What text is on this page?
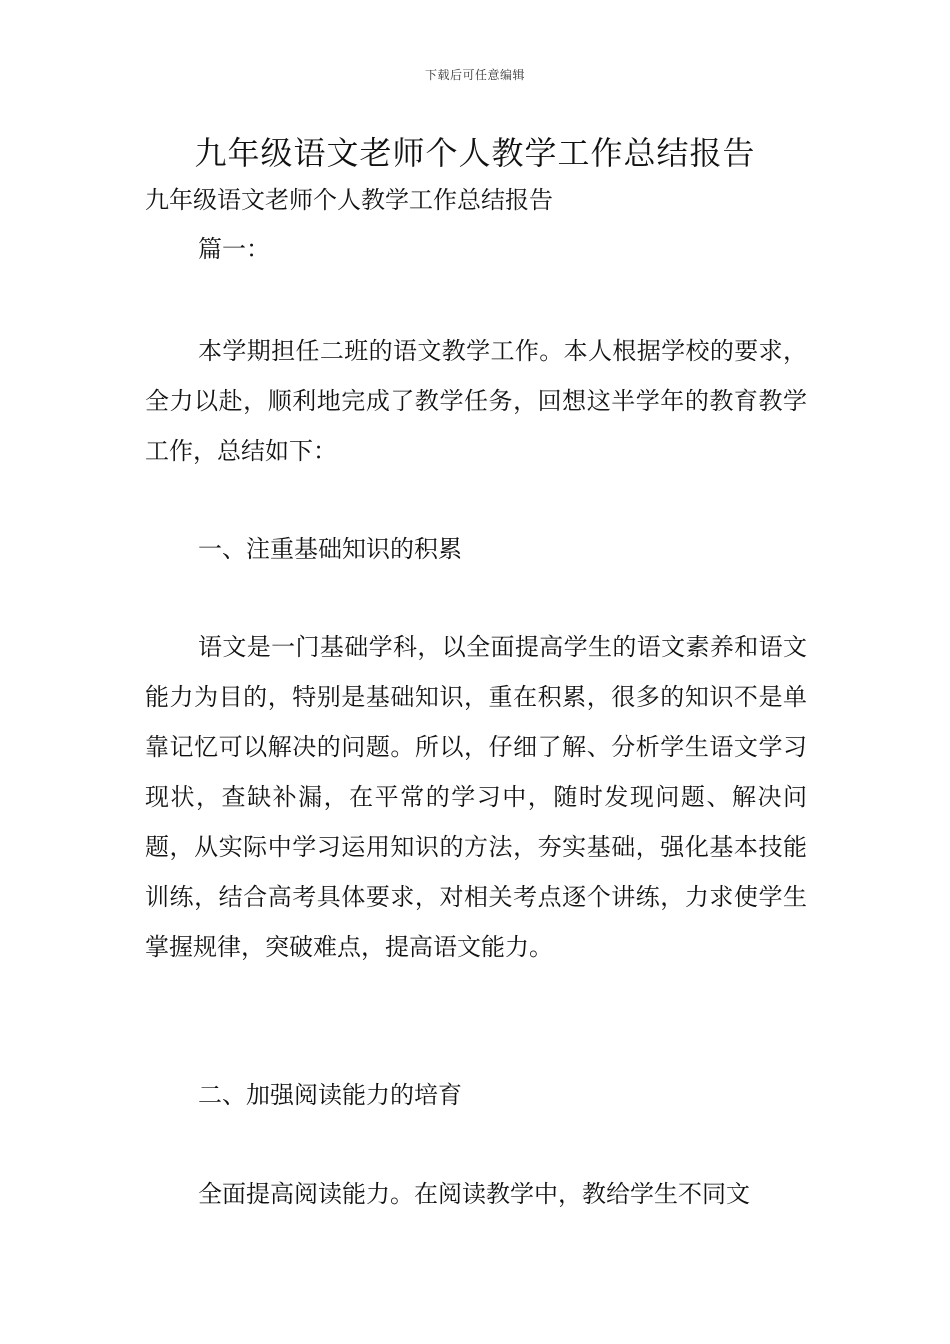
下载后可任意编辑
九年级语文老师个人教学工作总结报告

九年级语文老师个人教学工作总结报告

篇一：

本学期担任二班的语文教学工作。本人根据学校的要求，全力以赴，顺利地完成了教学任务，回想这半学年的教育教学工作，总结如下：

一、注重基础知识的积累

语文是一门基础学科，以全面提高学生的语文素养和语文能力为目的，特别是基础知识，重在积累，很多的知识不是单靠记忆可以解决的问题。所以，仔细了解、分析学生语文学习现状，查缺补漏，在平常的学习中，随时发现问题、解决问题，从实际中学习运用知识的方法，夯实基础，强化基本技能训练，结合高考具体要求，对相关考点逐个讲练，力求使学生掌握规律，突破难点，提高语文能力。

二、加强阅读能力的培育

全面提高阅读能力。在阅读教学中，教给学生不同文
